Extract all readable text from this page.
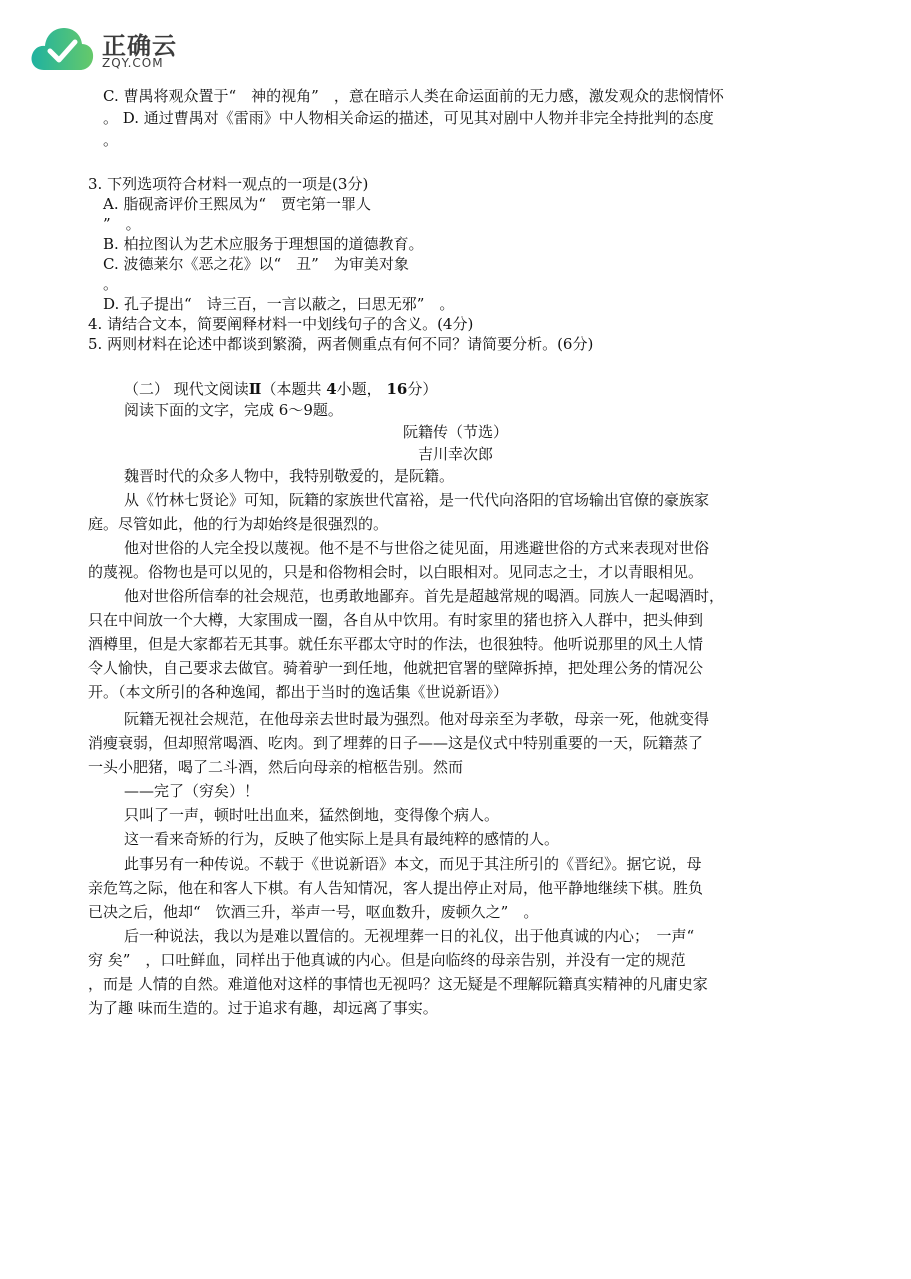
正确云
ZQY.COM
C. 曹禺将观众置于“　神的视角”　，意在暗示人类在命运面前的无力感，激发观众的悲悯情怀
。 D. 通过曹禺对《雷雨》中人物相关命运的描述，可见其对剧中人物并非完全持批判的态度
。
3. 下列选项符合材料一观点的一项是(3分)
A. 脂砚斋评价王熙凤为“　贾宅第一罪人
”　。
B. 柏拉图认为艺术应服务于理想国的道德教育。
C. 波德莱尔《恶之花》以“　丑”　为审美对象
。
D. 孔子提出“　诗三百，一言以蔽之，曰思无邪”　。
4. 请结合文本，简要阐释材料一中划线句子的含义。(4分)
5. 两则材料在论述中都谈到繁漪，两者侧重点有何不同？请简要分析。(6分)
（二） 现代文阅读Ⅱ（本题共 4小题， 16分）
阅读下面的文字，完成 6～9题。
阮籍传（节选）
吉川幸次郎
魏晋时代的众多人物中，我特别敬爱的，是阮籍。
从《竹林七贤论》可知，阮籍的家族世代富裕，是一代代向洛阳的官场输出官僚的豪族家
庭。尽管如此，他的行为却始终是很强烈的。
他对世俗的人完全投以蔑视。他不是不与世俗之徒见面，用逃避世俗的方式来表现对世俗
的蔑视。俗物也是可以见的，只是和俗物相会时，以白眼相对。见同志之士，才以青眼相见。
他对世俗所信奉的社会规范，也勇敢地鄙弃。首先是超越常规的喝酒。同族人一起喝酒时，
只在中间放一个大樽，大家围成一圈，各自从中饮用。有时家里的猪也挤入人群中，把头伸到
酒樽里，但是大家都若无其事。就任东平郡太守时的作法，也很独特。他听说那里的风土人情
令人愉快，自己要求去做官。骑着驴一到任地，他就把官署的壁障拆掉，把处理公务的情况公
开。（本文所引的各种逸闻，都出于当时的逸话集《世说新语》）
阮籍无视社会规范，在他母亲去世时最为强烈。他对母亲至为孝敬，母亲一死，他就变得
消瘦衰弱，但却照常喝酒、吃肉。到了埋葬的日子——这是仪式中特别重要的一天，阮籍蒸了
一头小肥猪，喝了二斗酒，然后向母亲的棺柩告别。然而
——完了（穷矣）！
只叫了一声，顿时吐出血来，猛然倒地，变得像个病人。
这一看来奇矫的行为，反映了他实际上是具有最纯粹的感情的人。
此事另有一种传说。不载于《世说新语》本文，而见于其注所引的《晋纪》。据它说，母
亲危笃之际，他在和客人下棋。有人告知情况，客人提出停止对局，他平静地继续下棋。胜负
已决之后，他却“　饮酒三升，举声一号，呕血数升，废顿久之”　。
后一种说法，我以为是难以置信的。无视埋葬一日的礼仪，出于他真诚的内心；　一声“
穷 矣”　，口吐鲜血，同样出于他真诚的内心。但是向临终的母亲告别，并没有一定的规范
，而是 人情的自然。难道他对这样的事情也无视吗？这无疑是不理解阮籍真实精神的凡庸史家
为了趣 味而生造的。过于追求有趣，却远离了事实。
